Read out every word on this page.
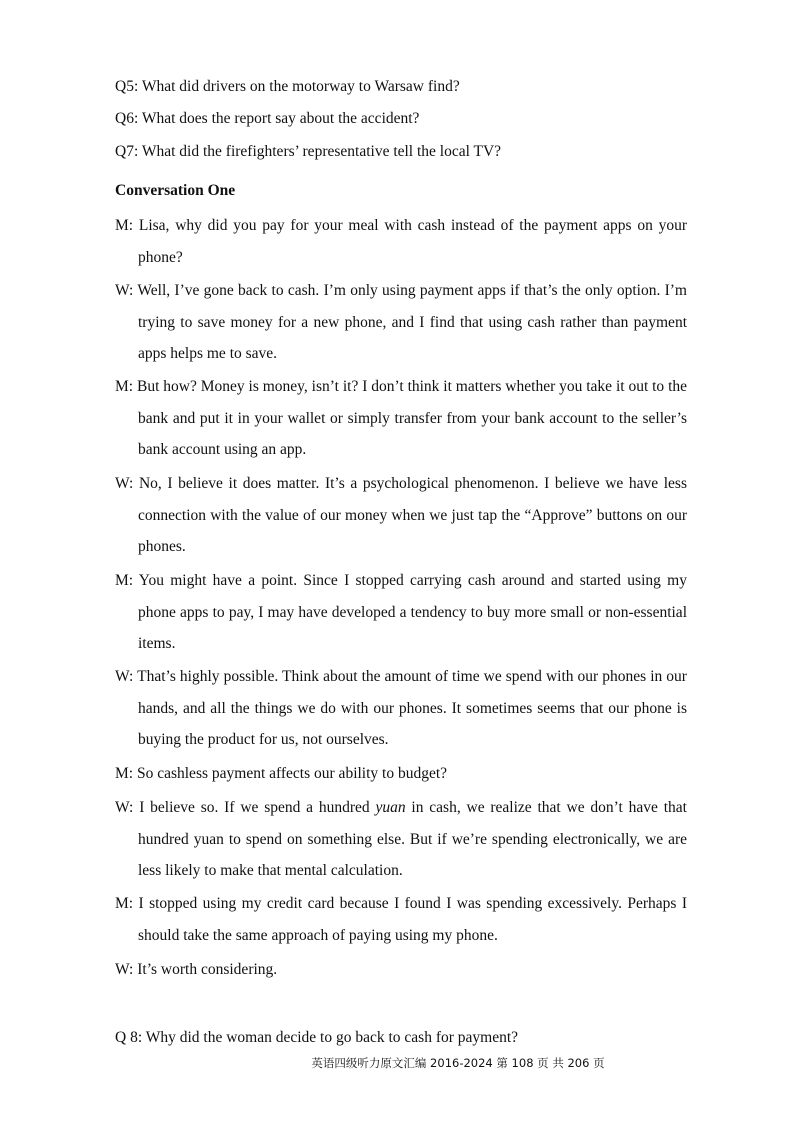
Q5: What did drivers on the motorway to Warsaw find?
Q6: What does the report say about the accident?
Q7: What did the firefighters’ representative tell the local TV?
Conversation One
M: Lisa, why did you pay for your meal with cash instead of the payment apps on your phone?
W: Well, I’ve gone back to cash. I’m only using payment apps if that’s the only option. I’m trying to save money for a new phone, and I find that using cash rather than payment apps helps me to save.
M: But how? Money is money, isn’t it? I don’t think it matters whether you take it out to the bank and put it in your wallet or simply transfer from your bank account to the seller’s bank account using an app.
W: No, I believe it does matter. It’s a psychological phenomenon. I believe we have less connection with the value of our money when we just tap the “Approve” buttons on our phones.
M: You might have a point. Since I stopped carrying cash around and started using my phone apps to pay, I may have developed a tendency to buy more small or non-essential items.
W: That’s highly possible. Think about the amount of time we spend with our phones in our hands, and all the things we do with our phones. It sometimes seems that our phone is buying the product for us, not ourselves.
M: So cashless payment affects our ability to budget?
W: I believe so. If we spend a hundred yuan in cash, we realize that we don’t have that hundred yuan to spend on something else. But if we’re spending electronically, we are less likely to make that mental calculation.
M: I stopped using my credit card because I found I was spending excessively. Perhaps I should take the same approach of paying using my phone.
W: It’s worth considering.
Q 8: Why did the woman decide to go back to cash for payment?
英语四级听力原文汇编 2016-2024 第 108 页 共 206 页
